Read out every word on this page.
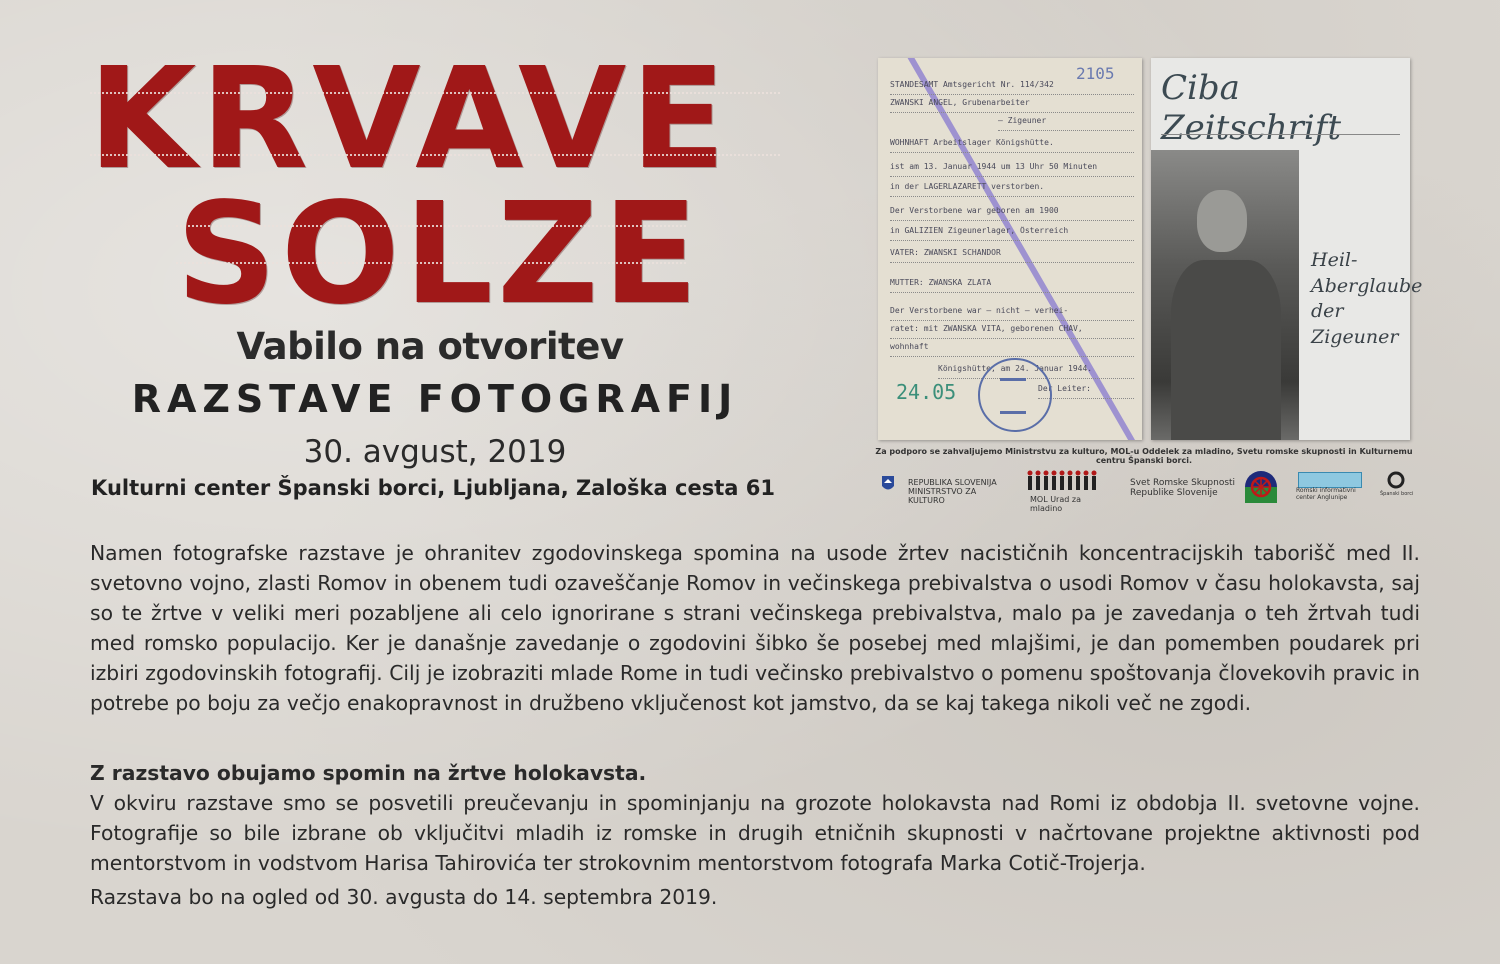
KRVAVE
SOLZE
Vabilo na otvoritev
RAZSTAVE FOTOGRAFIJ
30. avgust, 2019
Kulturni center Španski borci, Ljubljana, Zaloška cesta 61
2105
STANDESAMT Amtsgericht Nr. 114/342
ZWANSKI ANGEL, Grubenarbeiter
— Zigeuner
WOHNHAFT Arbeitslager Königshütte.
ist am 13. Januar 1944 um 13 Uhr 50 Minuten
in der LAGERLAZARETT verstorben.
Der Verstorbene war geboren am 1900
in GALIZIEN Zigeunerlager, Österreich
VATER: ZWANSKI SCHANDOR
MUTTER: ZWANSKA ZLATA
Der Verstorbene war — nicht — verhei-
ratet: mit ZWANSKA VITA, geborenen CHAV,
wohnhaft
Königshütte, am 24. Januar 1944.
Der Leiter:
24.05
Ciba Zeitschrift
Heil-
Aberglaube
der
Zigeuner
Za podporo se zahvaljujemo Ministrstvu za kulturo, MOL-u Oddelek za mladino, Svetu romske skupnosti in Kulturnemu centru Španski borci.
REPUBLIKA SLOVENIJA
MINISTRSTVO ZA KULTURO	MOL Urad za mladino
Svet Romske Skupnosti
Republike Slovenije	Romski informativni center Anglunipe	Španski borci
Namen fotografske razstave je ohranitev zgodovinskega spomina na usode žrtev nacističnih koncentracijskih taborišč med II. svetovno vojno, zlasti Romov in obenem tudi ozaveščanje Romov in večinskega prebivalstva o usodi Romov v času holokavsta, saj so te žrtve v veliki meri pozabljene ali celo ignorirane s strani večinskega prebivalstva, malo pa je zavedanja o teh žrtvah tudi med romsko populacijo. Ker je današnje zavedanje o zgodovini šibko še posebej med mlajšimi, je dan pomemben poudarek pri izbiri zgodovinskih fotografij. Cilj je izobraziti mlade Rome in tudi večinsko prebivalstvo o pomenu spoštovanja človekovih pravic in potrebe po boju za večjo enakopravnost in družbeno vključenost kot jamstvo, da se kaj takega nikoli več ne zgodi.
Z razstavo obujamo spomin na žrtve holokavsta.
V okviru razstave smo se posvetili preučevanju in spominjanju na grozote holokavsta nad Romi iz obdobja II. svetovne vojne. Fotografije so bile izbrane ob vključitvi mladih iz romske in drugih etničnih skupnosti v načrtovane projektne aktivnosti pod mentorstvom in vodstvom Harisa Tahirovića ter strokovnim mentorstvom fotografa Marka Cotič-Trojerja.
Razstava bo na ogled od 30. avgusta do 14. septembra 2019.
